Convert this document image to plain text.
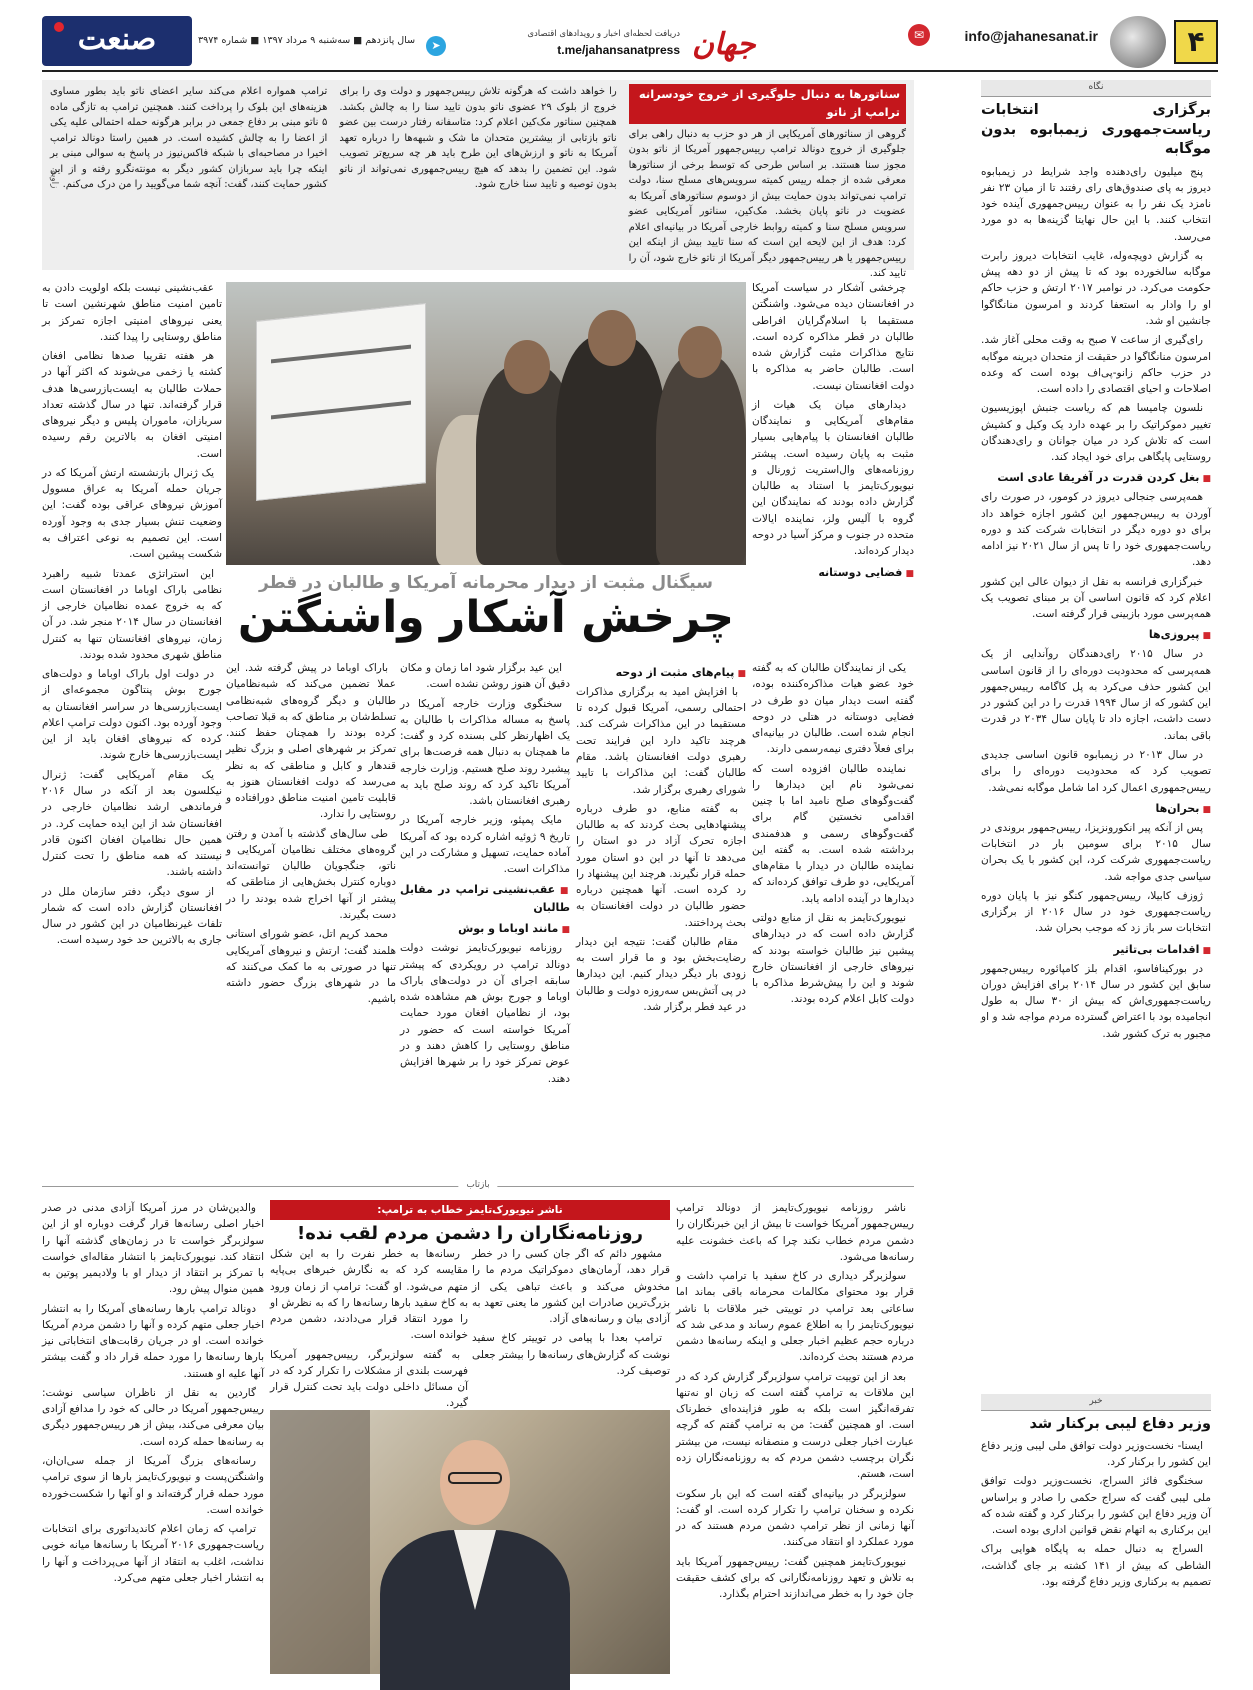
۴
info@jahanesanat.ir
✉
جهان
دریافت لحظه‌ای اخبار و رویدادهای اقتصادی
t.me/jahansanatpress
➤
سال پانزدهم ■ سه‌شنبه ۹ مرداد ۱۳۹۷ ■ شماره ۳۹۷۴
صنعت
نگاه
برگزاری انتخابات ریاست‌جمهوری زیمبابوه بدون موگابه

پنج میلیون رای‌دهنده واجد شرایط در زیمبابوه دیروز به پای صندوق‌های رای رفتند تا از میان ۲۳ نفر نامزد یک نفر را به عنوان رییس‌جمهوری آینده خود انتخاب کنند. با این حال نهایتا گزینه‌ها به دو مورد می‌رسد.

به گزارش دویچه‌وله، غایب انتخابات دیروز رابرت موگابه سالخورده بود که تا پیش از دو دهه پیش حکومت می‌کرد. در نوامبر ۲۰۱۷ ارتش و حزب حاکم او را وادار به استعفا کردند و امرسون منانگاگوا جانشین او شد.

رای‌گیری از ساعت ۷ صبح به وقت محلی آغاز شد. امرسون منانگاگوا در حقیقت از متحدان دیرینه موگابه در حزب حاکم زانو-پی‌اف بوده است که وعده اصلاحات و احیای اقتصادی را داده است.

نلسون چامیسا هم که ریاست جنبش اپوزیسیون تغییر دموکراتیک را بر عهده دارد یک وکیل و کشیش است که تلاش کرد در میان جوانان و رای‌دهندگان روستایی پایگاهی برای خود ایجاد کند.

■ بغل کردن قدرت در آفریقا عادی است

همه‌پرسی جنجالی دیروز در کومور، در صورت رای آوردن به رییس‌جمهور این کشور اجازه خواهد داد برای دو دوره دیگر در انتخابات شرکت کند و دوره ریاست‌جمهوری خود را تا پس از سال ۲۰۲۱ نیز ادامه دهد.

خبرگزاری فرانسه به نقل از دیوان عالی این کشور اعلام کرد که قانون اساسی آن بر مبنای تصویب یک همه‌پرسی مورد بازبینی قرار گرفته است.

■ پیروزی‌ها

در سال ۲۰۱۵ رای‌دهندگان روآندایی از یک همه‌پرسی که محدودیت دوره‌ای را از قانون اساسی این کشور حذف می‌کرد به پل کاگامه رییس‌جمهور این کشور که از سال ۱۹۹۴ قدرت را در این کشور در دست داشت، اجازه داد تا پایان سال ۲۰۳۴ در قدرت باقی بماند.

در سال ۲۰۱۳ در زیمبابوه قانون اساسی جدیدی تصویب کرد که محدودیت دوره‌ای را برای رییس‌جمهوری اعمال کرد اما شامل موگابه نمی‌شد.

■ بحران‌ها

پس از آنکه پیر انکورونزیزا، رییس‌جمهور بروندی در سال ۲۰۱۵ برای سومین بار در انتخابات ریاست‌جمهوری شرکت کرد، این کشور با یک بحران سیاسی جدی مواجه شد.

ژوزف کابیلا، رییس‌جمهور کنگو نیز با پایان دوره ریاست‌جمهوری خود در سال ۲۰۱۶ از برگزاری انتخابات سر باز زد که موجب بحران شد.

■ اقدامات بی‌تاثیر

در بورکینافاسو، اقدام بلز کامپائوره رییس‌جمهور سابق این کشور در سال ۲۰۱۴ برای افزایش دوران ریاست‌جمهوری‌اش که بیش از ۳۰ سال به طول انجامیده بود با اعتراض گسترده مردم مواجه شد و او مجبور به ترک کشور شد.

خبر
وزیر دفاع لیبی برکنار شد

ایسنا- نخست‌وزیر دولت توافق ملی لیبی وزیر دفاع این کشور را برکنار کرد.

سخنگوی فائز السراج، نخست‌وزیر دولت توافق ملی لیبی گفت که سراج حکمی را صادر و براساس آن وزیر دفاع این کشور را برکنار کرد و گفته شده که این برکناری به اتهام نقض قوانین اداری بوده است.

السراج به دنبال حمله به پایگاه هوایی براک الشاطی که بیش از ۱۴۱ کشته بر جای گذاشت، تصمیم به برکناری وزیر دفاع گرفته بود.

سناتورها به دنبال جلوگیری از خروج خودسرانه ترامپ از ناتو
گروهی از سناتورهای آمریکایی از هر دو حزب به دنبال راهی برای جلوگیری از خروج دونالد ترامپ رییس‌جمهور آمریکا از ناتو بدون مجوز سنا هستند. بر اساس طرحی که توسط برخی از سناتورها معرفی شده از جمله رییس کمیته سرویس‌های مسلح سنا، دولت ترامپ نمی‌تواند بدون حمایت بیش از دوسوم سناتورهای آمریکا به عضویت در ناتو پایان بخشد. مک‌کین، سناتور آمریکایی عضو سرویس مسلح سنا و کمیته روابط خارجی آمریکا در بیانیه‌ای اعلام کرد: هدف از این لایحه این است که سنا تایید بیش از اینکه این رییس‌جمهور یا هر رییس‌جمهور دیگر آمریکا از ناتو خارج شود، آن را تایید کند.
را خواهد داشت که هرگونه تلاش رییس‌جمهور و دولت وی را برای خروج از بلوک ۲۹ عضوی ناتو بدون تایید سنا را به چالش بکشد. همچنین سناتور مک‌کین اعلام کرد: متاسفانه رفتار درست بین عضو ناتو بازتابی از بیشترین متحدان ما شک و شبهه‌ها را درباره تعهد آمریکا به ناتو و ارزش‌های این طرح باید هر چه سریع‌تر تصویب شود. این تضمین را بدهد که هیچ رییس‌جمهوری نمی‌تواند از ناتو بدون توصیه و تایید سنا خارج شود.
ترامپ همواره اعلام می‌کند سایر اعضای ناتو باید بطور مساوی هزینه‌های این بلوک را پرداخت کنند. همچنین ترامپ به تازگی ماده ۵ ناتو مبنی بر دفاع جمعی در برابر هرگونه حمله احتمالی علیه یکی از اعضا را به چالش کشیده است. در همین راستا دونالد ترامپ اخیرا در مصاحبه‌ای با شبکه فاکس‌نیوز در پاسخ به سوالی مبنی بر اینکه چرا باید سربازان کشور دیگر به مونته‌نگرو رفته و از این کشور حمایت کنند، گفت: آنچه شما می‌گویید را من درک می‌کنم.
زاویه
سیگنال مثبت از دیدار محرمانه آمریکا و طالبان در قطر
چرخش آشکار واشنگتن

چرخشی آشکار در سیاست آمریکا در افغانستان دیده می‌شود. واشنگتن مستقیما با اسلام‌گرایان افراطی طالبان در قطر مذاکره کرده است. نتایج مذاکرات مثبت گزارش شده است. طالبان حاضر به مذاکره با دولت افغانستان نیست.

دیدارهای میان یک هیات از مقام‌های آمریکایی و نمایندگان طالبان افغانستان با پیام‌هایی بسیار مثبت به پایان رسیده است. پیشتر روزنامه‌های وال‌استریت ژورنال و نیویورک‌تایمز با استناد به طالبان گزارش داده بودند که نمایندگان این گروه با آلیس ولز، نماینده ایالات متحده در جنوب و مرکز آسیا در دوحه دیدار کرده‌اند.

■ فضایی دوستانه

یکی از نمایندگان طالبان که به گفته خود عضو هیات مذاکره‌کننده بوده، گفته است دیدار میان دو طرف در فضایی دوستانه در هتلی در دوحه انجام شده است. طالبان در بیانیه‌ای برای فعلاً دفتری نیمه‌رسمی دارند.

نماینده طالبان افزوده است که نمی‌شود نام این دیدارها را گفت‌وگوهای صلح نامید اما با چنین اقدامی نخستین گام برای گفت‌وگوهای رسمی و هدفمندی برداشته شده است. به گفته این نماینده طالبان در دیدار با مقام‌های آمریکایی، دو طرف توافق کرده‌اند که دیدارها در آینده ادامه یابد.

نیویورک‌تایمز به نقل از منابع دولتی گزارش داده است که در دیدارهای پیشین نیز طالبان خواسته بودند که نیروهای خارجی از افغانستان خارج شوند و این را پیش‌شرط مذاکره با دولت کابل اعلام کرده بودند.

■ پیام‌های مثبت از دوحه

با افزایش امید به برگزاری مذاکرات احتمالی رسمی، آمریکا قبول کرده تا مستقیما در این مذاکرات شرکت کند. هرچند تاکید دارد این فرایند تحت رهبری دولت افغانستان باشد. مقام طالبان گفت: این مذاکرات با تایید شورای رهبری برگزار شد.

به گفته منابع، دو طرف درباره پیشنهادهایی بحث کردند که به طالبان اجازه تحرک آزاد در دو استان را می‌دهد تا آنها در این دو استان مورد حمله قرار نگیرند. هرچند این پیشنهاد را رد کرده است. آنها همچنین درباره حضور طالبان در دولت افغانستان به بحث پرداختند.

مقام طالبان گفت: نتیجه این دیدار رضایت‌بخش بود و ما قرار است به زودی بار دیگر دیدار کنیم. این دیدارها در پی آتش‌بس سه‌روزه دولت و طالبان در عید فطر برگزار شد.

این عید برگزار شود اما زمان و مکان دقیق آن هنوز روشن نشده است.

سخنگوی وزارت خارجه آمریکا در پاسخ به مساله مذاکرات با طالبان به یک اظهارنظر کلی بسنده کرد و گفت: ما همچنان به دنبال همه فرصت‌ها برای پیشبرد روند صلح هستیم. وزارت خارجه آمریکا تاکید کرد که روند صلح باید به رهبری افغانستان باشد.

مایک پمپئو، وزیر خارجه آمریکا در تاریخ ۹ ژوئیه اشاره کرده بود که آمریکا آماده حمایت، تسهیل و مشارکت در این مذاکرات است.

■ عقب‌نشینی ترامپ در مقابل طالبان
■ مانند اوباما و بوش

روزنامه نیویورک‌تایمز نوشت دولت دونالد ترامپ در رویکردی که پیشتر سابقه اجرای آن در دولت‌های باراک اوباما و جورج بوش هم مشاهده شده بود، از نظامیان افغان مورد حمایت آمریکا خواسته است که حضور در مناطق روستایی را کاهش دهند و در عوض تمرکز خود را بر شهرها افزایش دهند.

باراک اوباما در پیش گرفته شد. این عملا تضمین می‌کند که شبه‌نظامیان طالبان و دیگر گروه‌های شبه‌نظامی تسلط‌شان بر مناطق که به قبلا تصاحب کرده بودند را همچنان حفظ کنند. تمرکز بر شهرهای اصلی و بزرگ نظیر قندهار و کابل و مناطقی که به نظر می‌رسد که دولت افغانستان هنوز به قابلیت تامین امنیت مناطق دورافتاده و روستایی را ندارد.

طی سال‌های گذشته با آمدن و رفتن گروه‌های مختلف نظامیان آمریکایی و ناتو، جنگجویان طالبان توانسته‌اند دوباره کنترل بخش‌هایی از مناطقی که پیشتر از آنها اخراج شده بودند را در دست بگیرند.

محمد کریم اتل، عضو شورای استانی هلمند گفت: ارتش و نیروهای آمریکایی تنها در صورتی به ما کمک می‌کنند که ما در شهرهای بزرگ حضور داشته باشیم.

عقب‌نشینی نیست بلکه اولویت دادن به تامین امنیت مناطق شهرنشین است تا یعنی نیروهای امنیتی اجازه تمرکز بر مناطق روستایی را پیدا کنند.

هر هفته تقریبا صدها نظامی افغان کشته یا زخمی می‌شوند که اکثر آنها در حملات طالبان به ایست‌بازرسی‌ها هدف قرار گرفته‌اند. تنها در سال گذشته تعداد سربازان، ماموران پلیس و دیگر نیروهای امنیتی افغان به بالاترین رقم رسیده است.

یک ژنرال بازنشسته ارتش آمریکا که در جریان حمله آمریکا به عراق مسوول آموزش نیروهای عراقی بوده گفت: این وضعیت تنش بسیار جدی به وجود آورده است. این تصمیم به نوعی اعتراف به شکست پیشین است.

این استراتژی عمدتا شبیه راهبرد نظامی باراک اوباما در افغانستان است که به خروج عمده نظامیان خارجی از افغانستان در سال ۲۰۱۴ منجر شد. در آن زمان، نیروهای افغانستان تنها به کنترل مناطق شهری محدود شده بودند.

در دولت اول باراک اوباما و دولت‌های جورج بوش پنتاگون مجموعه‌ای از ایست‌بازرسی‌ها در سراسر افغانستان به وجود آورده بود. اکنون دولت ترامپ اعلام کرده که نیروهای افغان باید از این ایست‌بازرسی‌ها خارج شوند.

یک مقام آمریکایی گفت: ژنرال نیکلسون بعد از آنکه در سال ۲۰۱۶ فرماندهی ارشد نظامیان خارجی در افغانستان شد از این ایده حمایت کرد. در همین حال نظامیان افغان اکنون قادر نیستند که همه مناطق را تحت کنترل داشته باشند.

از سوی دیگر، دفتر سازمان ملل در افغانستان گزارش داده است که شمار تلفات غیرنظامیان در این کشور در سال جاری به بالاترین حد خود رسیده است.

بازتاب
ناشر نیویورک‌تایمز خطاب به ترامپ:
روزنامه‌نگاران را دشمن مردم لقب نده!

رسانه‌ها به خطر نفرت را به این شکل مقایسه کرد که به نگارش خبرهای بی‌پایه متهم می‌شود. او گفت: ترامپ از زمان ورود به کاخ سفید بارها رسانه‌ها را که به نظرش او را مورد انتقاد قرار می‌دادند، دشمن مردم خوانده است.

به گفته سولزبرگر، رییس‌جمهور آمریکا فهرست بلندی از مشکلات را تکرار کرد که در آن مسائل داخلی دولت باید تحت کنترل قرار گیرد.

مشهور دائم که اگر جان کسی را در خطر قرار دهد، آرمان‌های دموکراتیک مردم ما را مخدوش می‌کند و باعث تباهی یکی از بزرگ‌ترین صادرات این کشور ما یعنی تعهد به آزادی بیان و رسانه‌های آزاد.

ترامپ بعدا با پیامی در توییتر کاخ سفید نوشت که گزارش‌های رسانه‌ها را بیشتر جعلی توصیف کرد.

ناشر روزنامه نیویورک‌تایمز از دونالد ترامپ رییس‌جمهور آمریکا خواست تا بیش از این خبرنگاران را دشمن مردم خطاب نکند چرا که باعث خشونت علیه رسانه‌ها می‌شود.

سولزبرگر دیداری در کاخ سفید با ترامپ داشت و قرار بود محتوای مکالمات محرمانه باقی بماند اما ساعاتی بعد ترامپ در توییتی خبر ملاقات با ناشر نیویورک‌تایمز را به اطلاع عموم رساند و مدعی شد که درباره حجم عظیم اخبار جعلی و اینکه رسانه‌ها دشمن مردم هستند بحث کرده‌اند.

بعد از این توییت ترامپ سولزبرگر گزارش کرد که در این ملاقات به ترامپ گفته است که زبان او نه‌تنها تفرقه‌انگیز است بلکه به طور فزاینده‌ای خطرناک است. او همچنین گفت: من به ترامپ گفتم که گرچه عبارت اخبار جعلی درست و منصفانه نیست، من بیشتر نگران برچسب دشمن مردم که به روزنامه‌نگاران زده است، هستم.

سولزبرگر در بیانیه‌ای گفته است که این بار سکوت نکرده و سخنان ترامپ را تکرار کرده است. او گفت: آنها زمانی از نظر ترامپ دشمن مردم هستند که در مورد عملکرد او انتقاد می‌کنند.

نیویورک‌تایمز همچنین گفت: رییس‌جمهور آمریکا باید به تلاش و تعهد روزنامه‌نگارانی که برای کشف حقیقت جان خود را به خطر می‌اندازند احترام بگذارد.

والدین‌شان در مرز آمریکا آزادی مدنی در صدر اخبار اصلی رسانه‌ها قرار گرفت دوباره او از این سولزبرگر خواست تا در زمان‌های گذشته آنها را انتقاد کند. نیویورک‌تایمز با انتشار مقاله‌ای خواست با تمرکز بر انتقاد از دیدار او با ولادیمیر پوتین به همین منوال پیش رود.

دونالد ترامپ بارها رسانه‌های آمریکا را به انتشار اخبار جعلی متهم کرده و آنها را دشمن مردم آمریکا خوانده است. او در جریان رقابت‌های انتخاباتی نیز بارها رسانه‌ها را مورد حمله قرار داد و گفت بیشتر آنها علیه او هستند.

گاردین به نقل از ناظران سیاسی نوشت: رییس‌جمهور آمریکا در حالی که خود را مدافع آزادی بیان معرفی می‌کند، بیش از هر رییس‌جمهور دیگری به رسانه‌ها حمله کرده است.

رسانه‌های بزرگ آمریکا از جمله سی‌ان‌ان، واشنگتن‌پست و نیویورک‌تایمز بارها از سوی ترامپ مورد حمله قرار گرفته‌اند و او آنها را شکست‌خورده خوانده است.

ترامپ که زمان اعلام کاندیداتوری برای انتخابات ریاست‌جمهوری ۲۰۱۶ آمریکا با رسانه‌ها میانه خوبی نداشت، اغلب به انتقاد از آنها می‌پرداخت و آنها را به انتشار اخبار جعلی متهم می‌کرد.
